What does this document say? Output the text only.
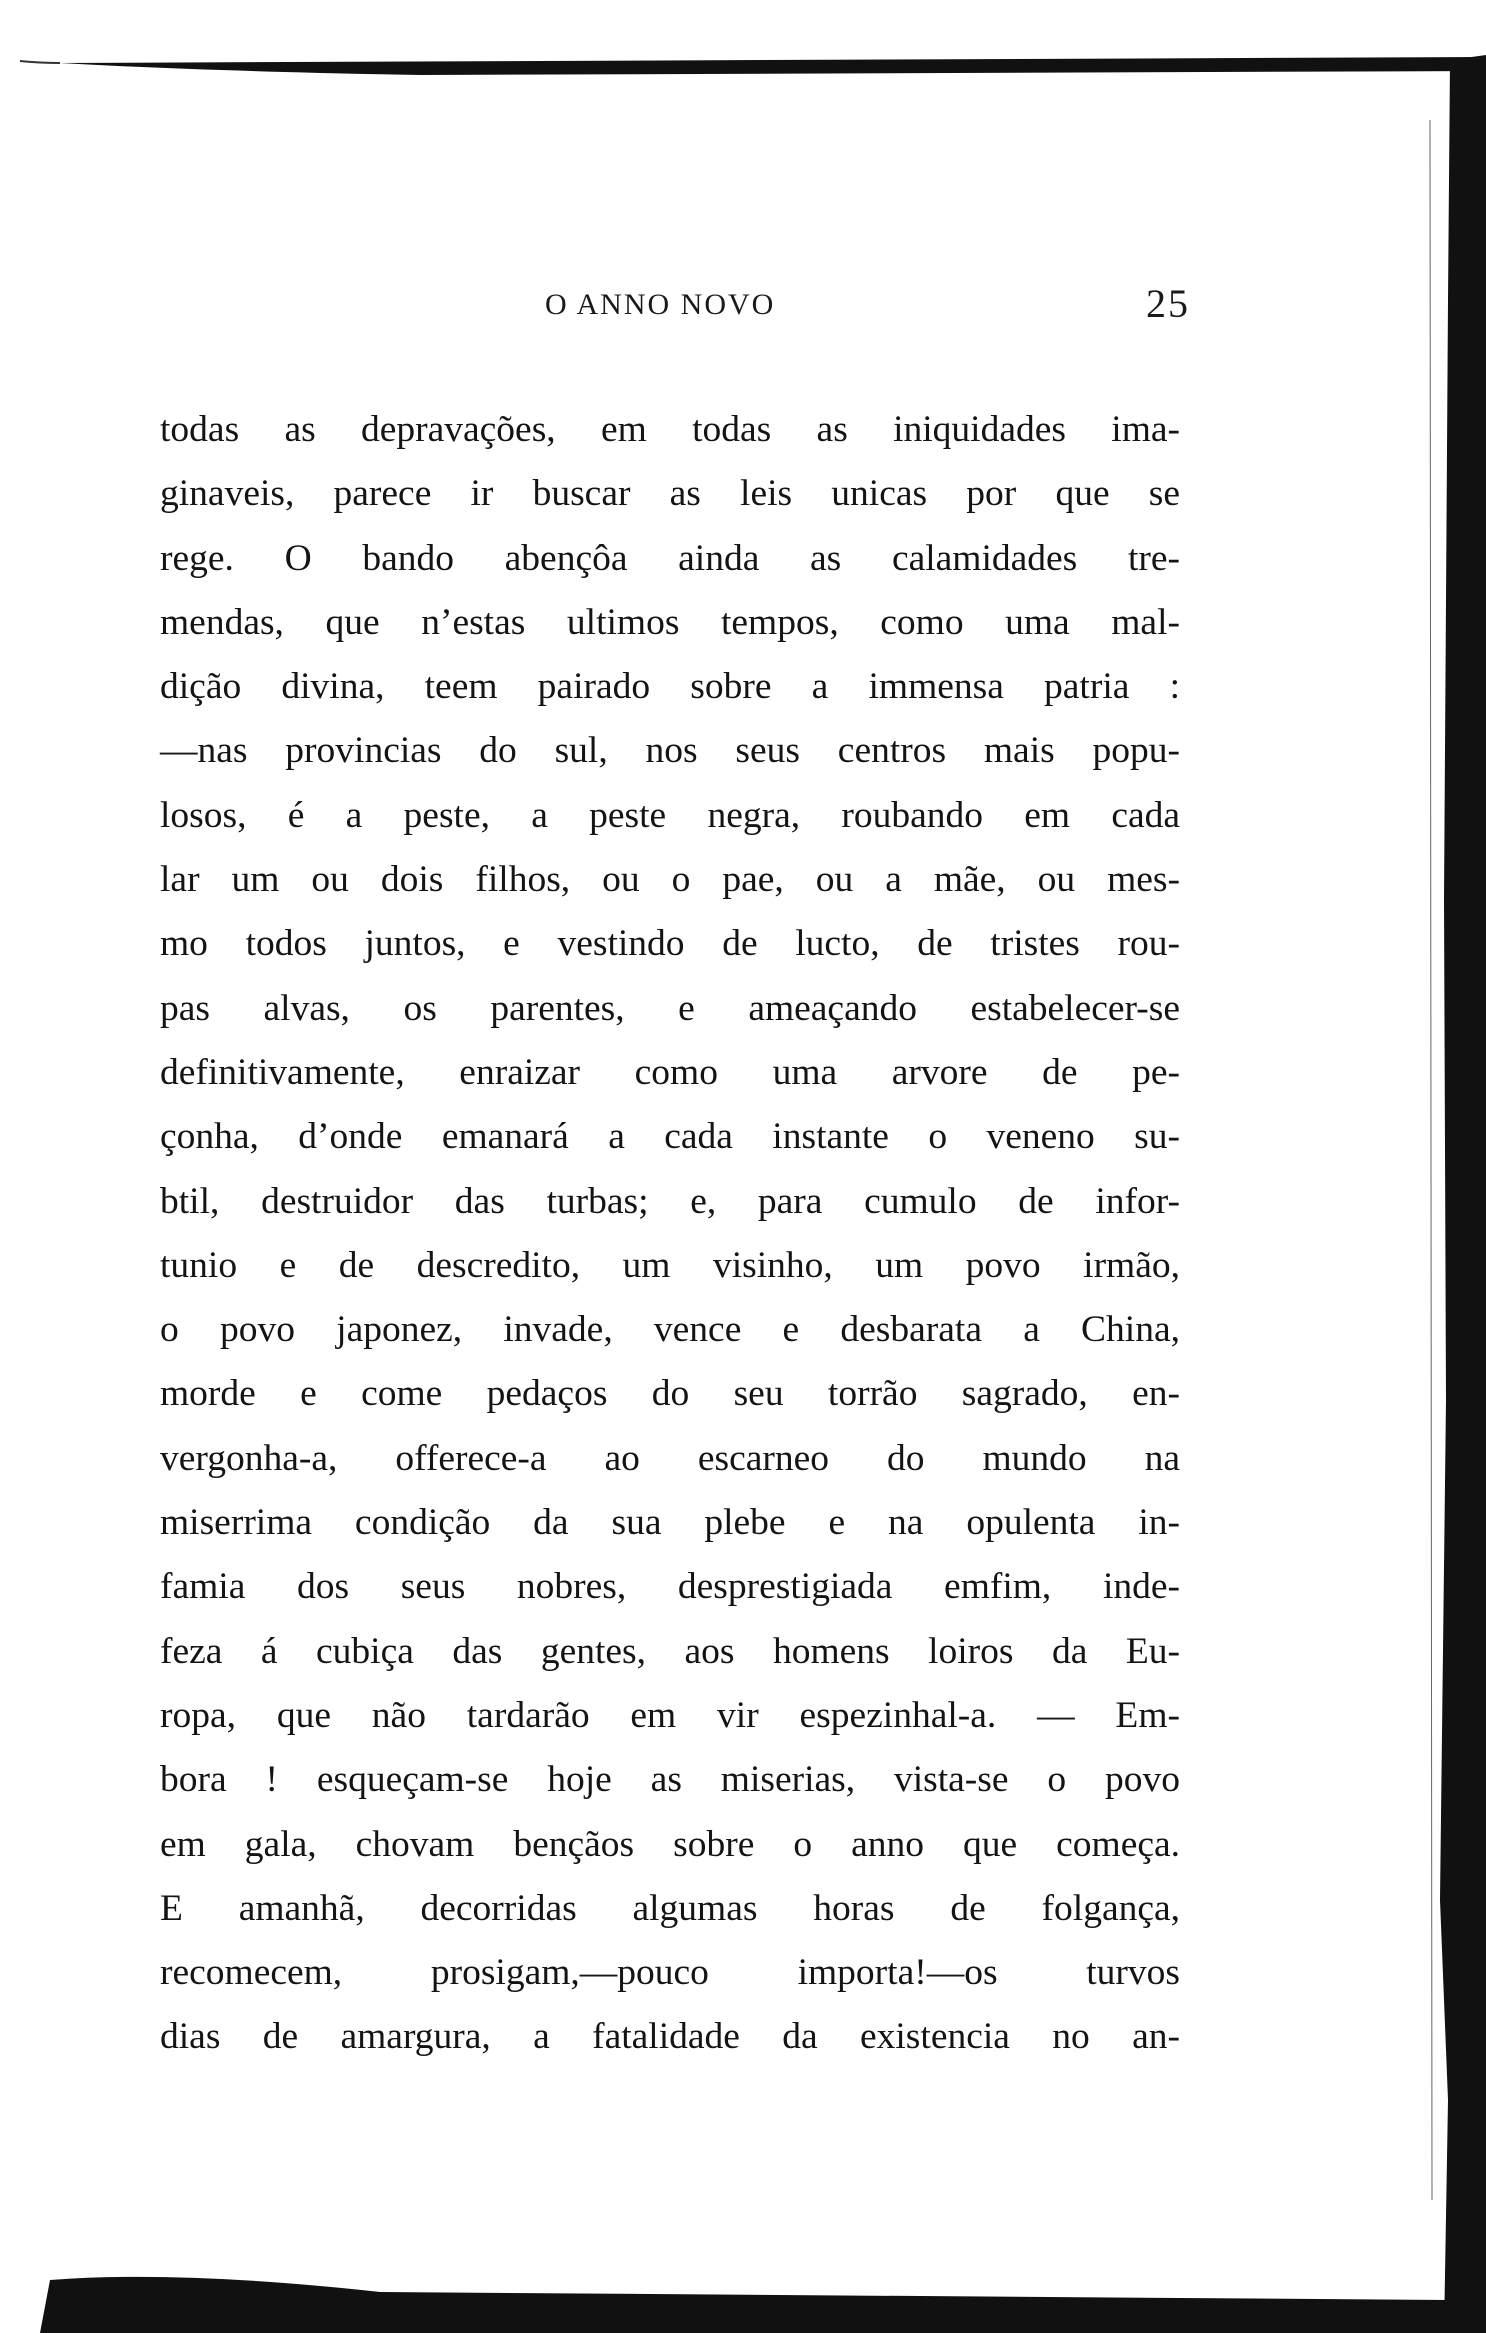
O ANNO NOVO	25
todas as depravações, em todas as iniquidades ima-
ginaveis, parece ir buscar as leis unicas por que se
rege. O bando abençôa ainda as calamidades tre-
mendas, que n’estas ultimos tempos, como uma mal-
dição divina, teem pairado sobre a immensa patria :
—nas provincias do sul, nos seus centros mais popu-
losos, é a peste, a peste negra, roubando em cada
lar um ou dois filhos, ou o pae, ou a mãe, ou mes-
mo todos juntos, e vestindo de lucto, de tristes rou-
pas alvas, os parentes, e ameaçando estabelecer-se
definitivamente, enraizar como uma arvore de pe-
çonha, d’onde emanará a cada instante o veneno su-
btil, destruidor das turbas; e, para cumulo de infor-
tunio e de descredito, um visinho, um povo irmão,
o povo japonez, invade, vence e desbarata a China,
morde e come pedaços do seu torrão sagrado, en-
vergonha-a, offerece-a ao escarneo do mundo na
miserrima condição da sua plebe e na opulenta in-
famia dos seus nobres, desprestigiada emfim, inde-
feza á cubiça das gentes, aos homens loiros da Eu-
ropa, que não tardarão em vir espezinhal-a. — Em-
bora ! esqueçam-se hoje as miserias, vista-se o povo
em gala, chovam bençãos sobre o anno que começa.
E amanhã, decorridas algumas horas de folgança,
recomecem, prosigam,—pouco importa!—os turvos
dias de amargura, a fatalidade da existencia no an-
